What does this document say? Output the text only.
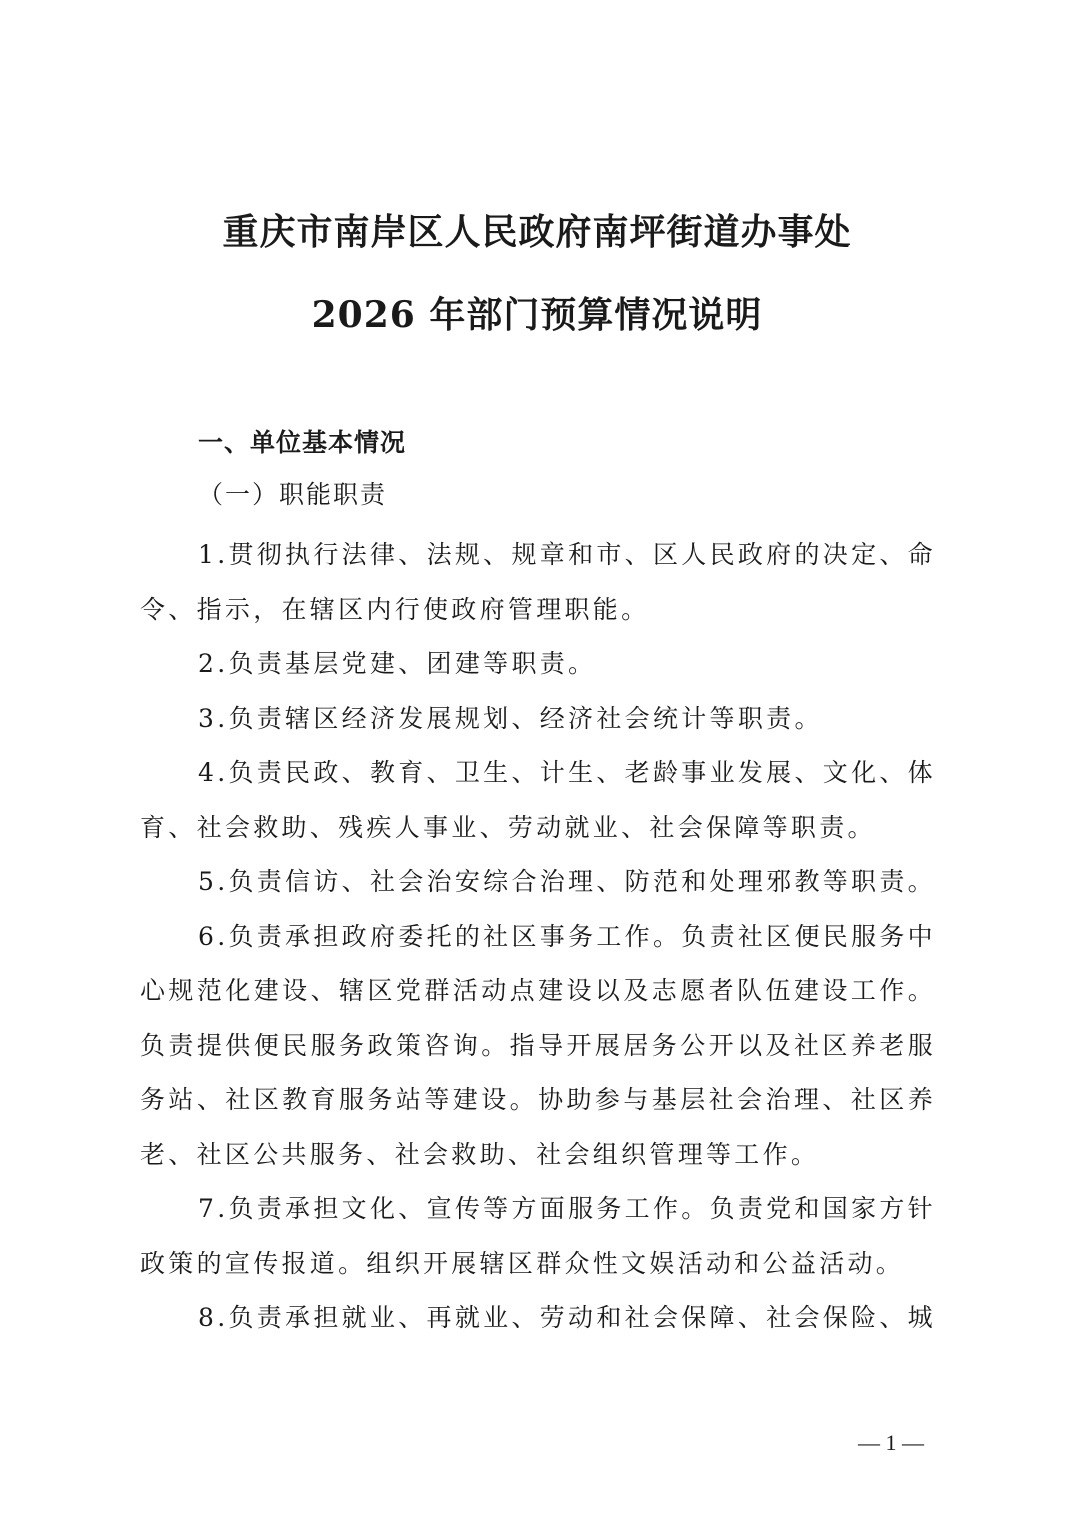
重庆市南岸区人民政府南坪街道办事处
2026 年部门预算情况说明
一、单位基本情况
（一）职能职责

1.贯彻执行法律、法规、规章和市、区人民政府的决定、命令、指示，在辖区内行使政府管理职能。

2.负责基层党建、团建等职责。

3.负责辖区经济发展规划、经济社会统计等职责。

4.负责民政、教育、卫生、计生、老龄事业发展、文化、体育、社会救助、残疾人事业、劳动就业、社会保障等职责。

5.负责信访、社会治安综合治理、防范和处理邪教等职责。

6.负责承担政府委托的社区事务工作。负责社区便民服务中心规范化建设、辖区党群活动点建设以及志愿者队伍建设工作。负责提供便民服务政策咨询。指导开展居务公开以及社区养老服务站、社区教育服务站等建设。协助参与基层社会治理、社区养老、社区公共服务、社会救助、社会组织管理等工作。

7.负责承担文化、宣传等方面服务工作。负责党和国家方针政策的宣传报道。组织开展辖区群众性文娱活动和公益活动。

8.负责承担就业、再就业、劳动和社会保障、社会保险、城

— 1 —
